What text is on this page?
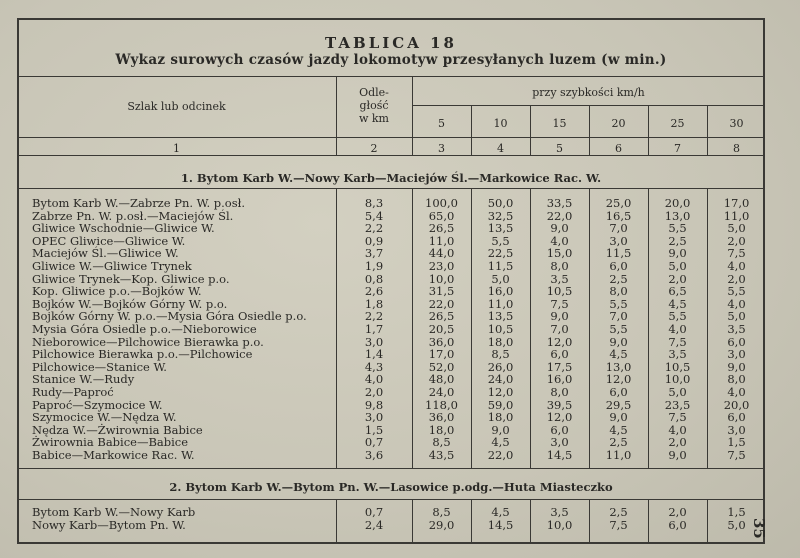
TABLICA 18
Wykaz surowych czasów jazdy lokomotyw przesyłanych luzem (w min.)
Szlak lub odcinek
Odle-
głość
w km
przy szybkości km/h
5	10	15	20	25	30
1	2	3	4	5	6	7	8
1. Bytom Karb W.—Nowy Karb—Maciejów Śl.—Markowice Rac. W.
Bytom Karb W.—Zabrze Pn. W. p.osł.	8,3	100,0	50,0	33,5	25,0	20,0	17,0
Zabrze Pn. W. p.osł.—Maciejów Śl.	5,4	65,0	32,5	22,0	16,5	13,0	11,0
Gliwice Wschodnie—Gliwice W.	2,2	26,5	13,5	9,0	7,0	5,5	5,0
OPEC Gliwice—Gliwice W.	0,9	11,0	5,5	4,0	3,0	2,5	2,0
Maciejów Śl.—Gliwice W.	3,7	44,0	22,5	15,0	11,5	9,0	7,5
Gliwice W.—Gliwice Trynek	1,9	23,0	11,5	8,0	6,0	5,0	4,0
Gliwice Trynek—Kop. Gliwice p.o.	0,8	10,0	5,0	3,5	2,5	2,0	2,0
Kop. Gliwice p.o.—Bojków W.	2,6	31,5	16,0	10,5	8,0	6,5	5,5
Bojków W.—Bojków Górny W. p.o.	1,8	22,0	11,0	7,5	5,5	4,5	4,0
Bojków Górny W. p.o.—Mysia Góra Osiedle p.o.	2,2	26,5	13,5	9,0	7,0	5,5	5,0
Mysia Góra Osiedle p.o.—Nieborowice	1,7	20,5	10,5	7,0	5,5	4,0	3,5
Nieborowice—Pilchowice Bierawka p.o.	3,0	36,0	18,0	12,0	9,0	7,5	6,0
Pilchowice Bierawka p.o.—Pilchowice	1,4	17,0	8,5	6,0	4,5	3,5	3,0
Pilchowice—Stanice W.	4,3	52,0	26,0	17,5	13,0	10,5	9,0
Stanice W.—Rudy	4,0	48,0	24,0	16,0	12,0	10,0	8,0
Rudy—Paproć	2,0	24,0	12,0	8,0	6,0	5,0	4,0
Paproć—Szymocice W.	9,8	118,0	59,0	39,5	29,5	23,5	20,0
Szymocice W.—Nędza W.	3,0	36,0	18,0	12,0	9,0	7,5	6,0
Nędza W.—Żwirownia Babice	1,5	18,0	9,0	6,0	4,5	4,0	3,0
Żwirownia Babice—Babice	0,7	8,5	4,5	3,0	2,5	2,0	1,5
Babice—Markowice Rac. W.	3,6	43,5	22,0	14,5	11,0	9,0	7,5
2. Bytom Karb W.—Bytom Pn. W.—Lasowice p.odg.—Huta Miasteczko
Bytom Karb W.—Nowy Karb	0,7	8,5	4,5	3,5	2,5	2,0	1,5
Nowy Karb—Bytom Pn. W.	2,4	29,0	14,5	10,0	7,5	6,0	5,0 35
